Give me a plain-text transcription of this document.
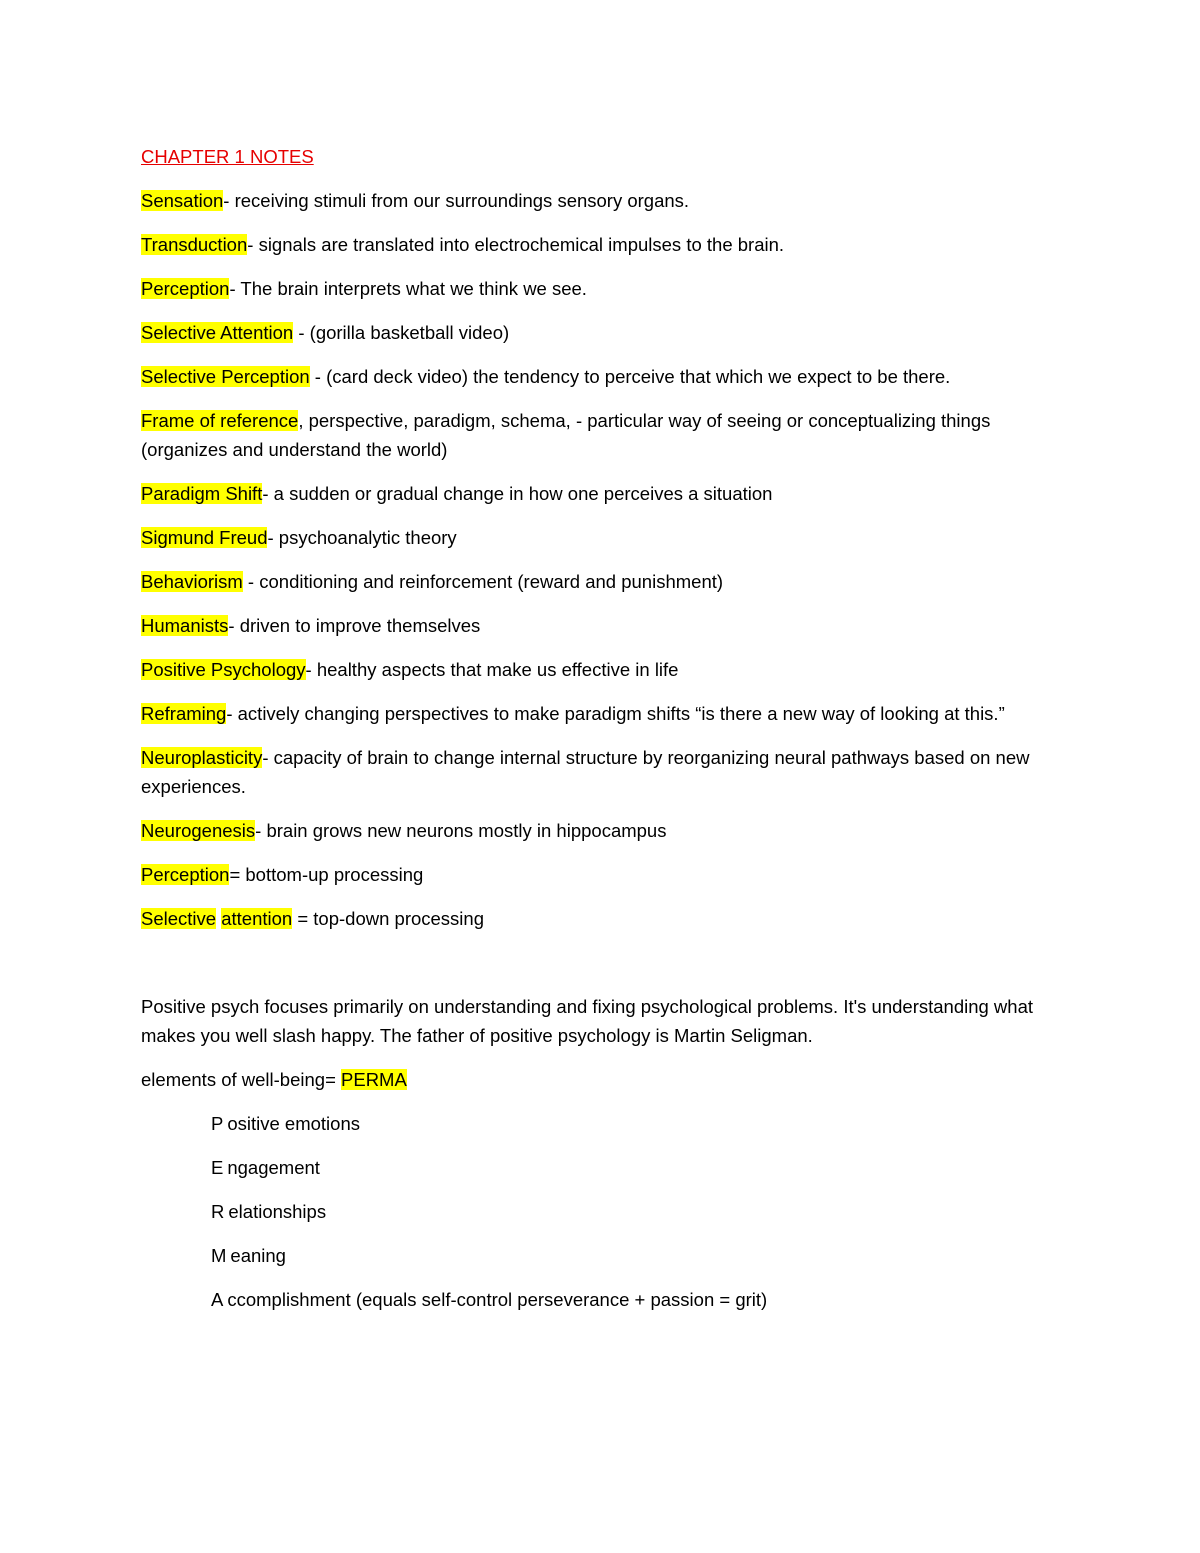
CHAPTER 1 NOTES
Sensation- receiving stimuli from our surroundings sensory organs.
Transduction- signals are translated into electrochemical impulses to the brain.
Perception- The brain interprets what we think we see.
Selective Attention - (gorilla basketball video)
Selective Perception - (card deck video) the tendency to perceive that which we expect to be there.
Frame of reference, perspective, paradigm, schema, - particular way of seeing or conceptualizing things (organizes and understand the world)
Paradigm Shift- a sudden or gradual change in how one perceives a situation
Sigmund Freud- psychoanalytic theory
Behaviorism - conditioning and reinforcement (reward and punishment)
Humanists- driven to improve themselves
Positive Psychology- healthy aspects that make us effective in life
Reframing- actively changing perspectives to make paradigm shifts “is there a new way of looking at this.”
Neuroplasticity- capacity of brain to change internal structure by reorganizing neural pathways based on new experiences.
Neurogenesis- brain grows new neurons mostly in hippocampus
Perception= bottom-up processing
Selective attention = top-down processing
Positive psych focuses primarily on understanding and fixing psychological problems. It's understanding what makes you well slash happy. The father of positive psychology is Martin Seligman.
elements of well-being= PERMA
P ositive emotions
E ngagement
R elationships
M eaning
A ccomplishment (equals self-control perseverance + passion = grit)
